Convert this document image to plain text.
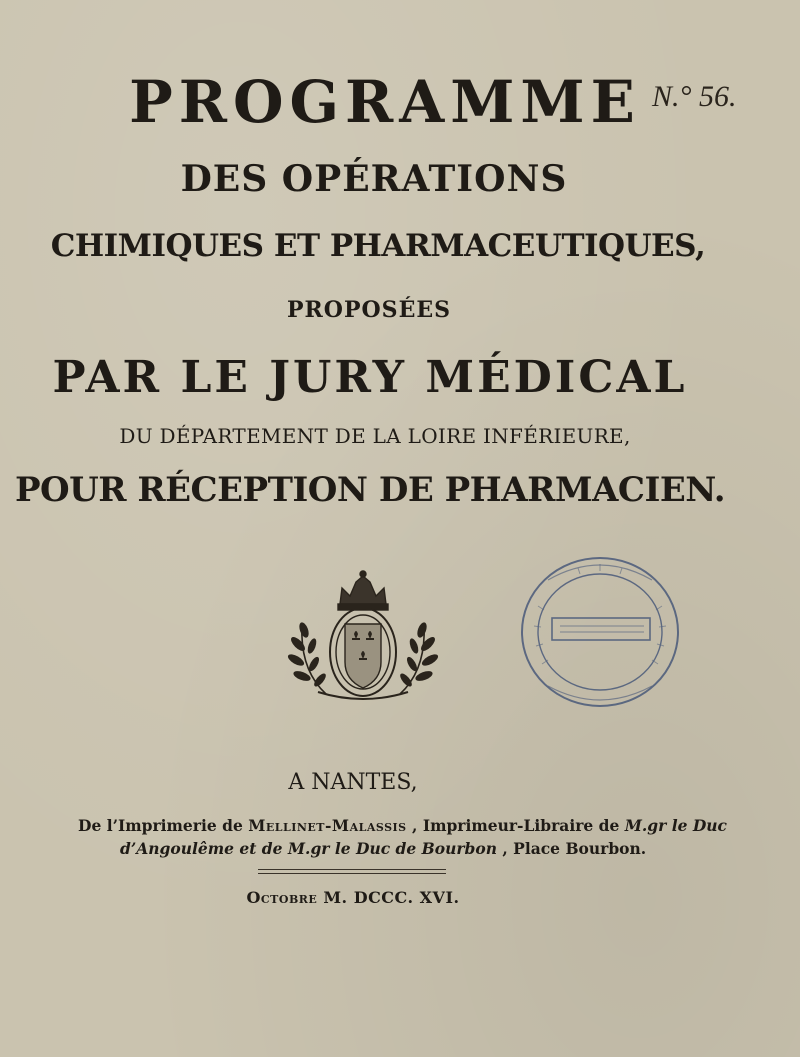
PROGRAMME N.° 56.
DES OPÉRATIONS
CHIMIQUES ET PHARMACEUTIQUES,
PROPOSÉES
PAR LE JURY MÉDICAL
DU DÉPARTEMENT DE LA LOIRE INFÉRIEURE,
POUR RÉCEPTION DE PHARMACIEN.
A NANTES,
De l’Imprimerie de Mellinet-Malassis , Imprimeur-Libraire de M.gr le Duc
d’Angoulême et de M.gr le Duc de Bourbon , Place Bourbon.
Octobre M. DCCC. XVI.
